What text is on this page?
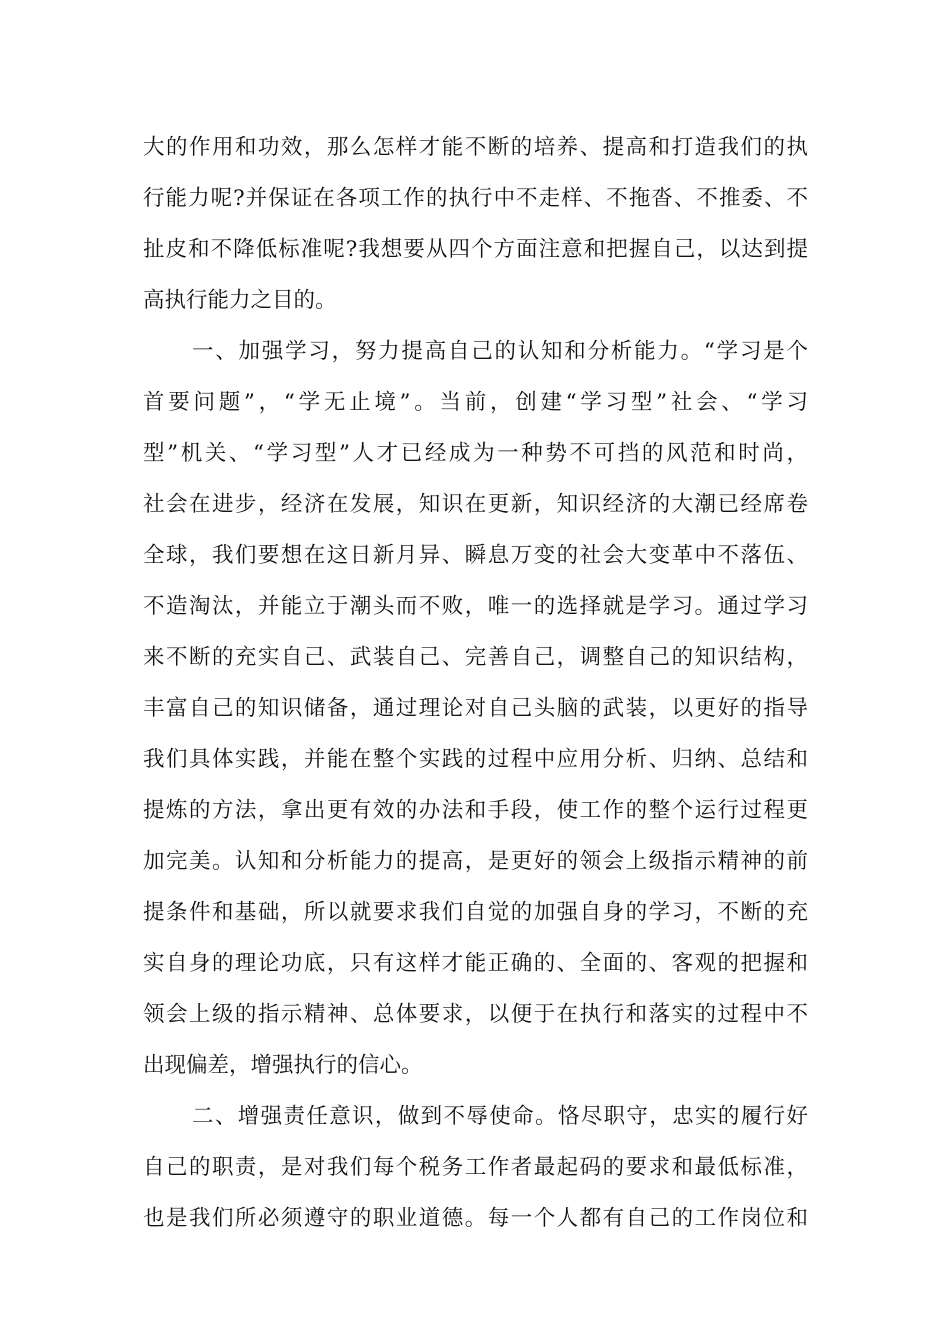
大的作用和功效，那么怎样才能不断的培养、提高和打造我们的执
行能力呢?并保证在各项工作的执行中不走样、不拖沓、不推委、不
扯皮和不降低标准呢?我想要从四个方面注意和把握自己，以达到提
高执行能力之目的。
一、加强学习，努力提高自己的认知和分析能力。“学习是个
首要问题”，“学无止境”。当前，创建“学习型”社会、“学习
型”机关、“学习型”人才已经成为一种势不可挡的风范和时尚，
社会在进步，经济在发展，知识在更新，知识经济的大潮已经席卷
全球，我们要想在这日新月异、瞬息万变的社会大变革中不落伍、
不造淘汰，并能立于潮头而不败，唯一的选择就是学习。通过学习
来不断的充实自己、武装自己、完善自己，调整自己的知识结构，
丰富自己的知识储备，通过理论对自己头脑的武装，以更好的指导
我们具体实践，并能在整个实践的过程中应用分析、归纳、总结和
提炼的方法，拿出更有效的办法和手段，使工作的整个运行过程更
加完美。认知和分析能力的提高，是更好的领会上级指示精神的前
提条件和基础，所以就要求我们自觉的加强自身的学习，不断的充
实自身的理论功底，只有这样才能正确的、全面的、客观的把握和
领会上级的指示精神、总体要求，以便于在执行和落实的过程中不
出现偏差，增强执行的信心。
二、增强责任意识，做到不辱使命。恪尽职守，忠实的履行好
自己的职责，是对我们每个税务工作者最起码的要求和最低标准，
也是我们所必须遵守的职业道德。每一个人都有自己的工作岗位和
